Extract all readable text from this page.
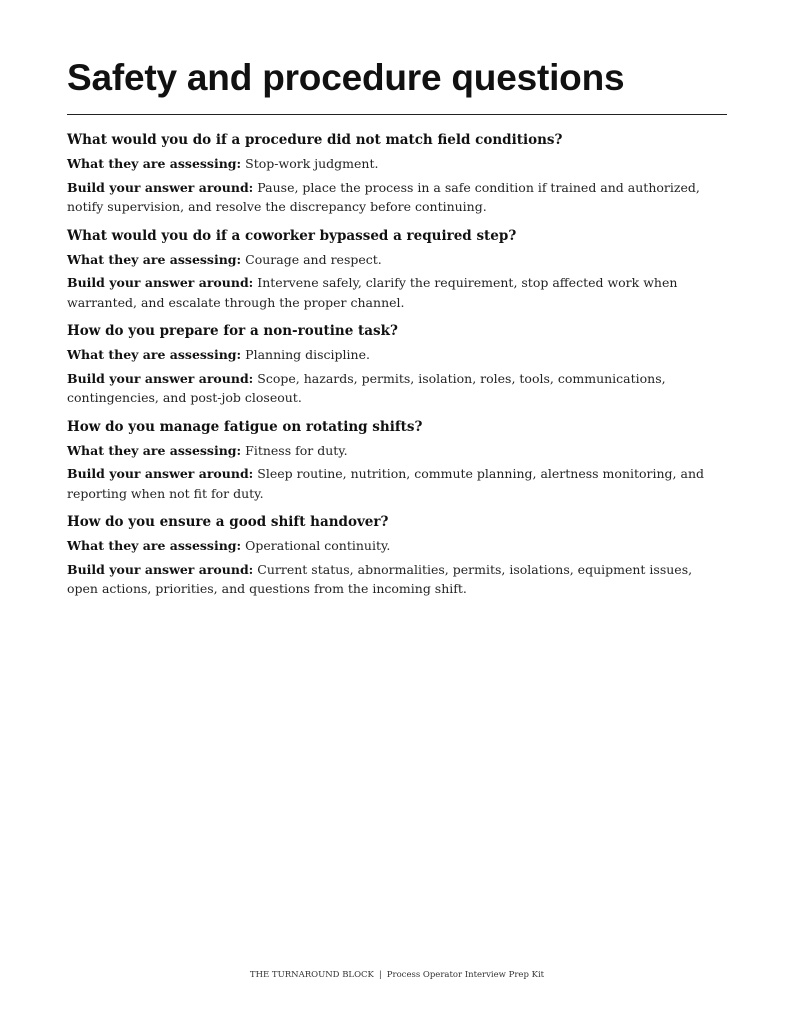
Safety and procedure questions
What would you do if a procedure did not match field conditions?
What they are assessing: Stop-work judgment.
Build your answer around: Pause, place the process in a safe condition if trained and authorized, notify supervision, and resolve the discrepancy before continuing.
What would you do if a coworker bypassed a required step?
What they are assessing: Courage and respect.
Build your answer around: Intervene safely, clarify the requirement, stop affected work when warranted, and escalate through the proper channel.
How do you prepare for a non-routine task?
What they are assessing: Planning discipline.
Build your answer around: Scope, hazards, permits, isolation, roles, tools, communications, contingencies, and post-job closeout.
How do you manage fatigue on rotating shifts?
What they are assessing: Fitness for duty.
Build your answer around: Sleep routine, nutrition, commute planning, alertness monitoring, and reporting when not fit for duty.
How do you ensure a good shift handover?
What they are assessing: Operational continuity.
Build your answer around: Current status, abnormalities, permits, isolations, equipment issues, open actions, priorities, and questions from the incoming shift.
THE TURNAROUND BLOCK | Process Operator Interview Prep Kit
